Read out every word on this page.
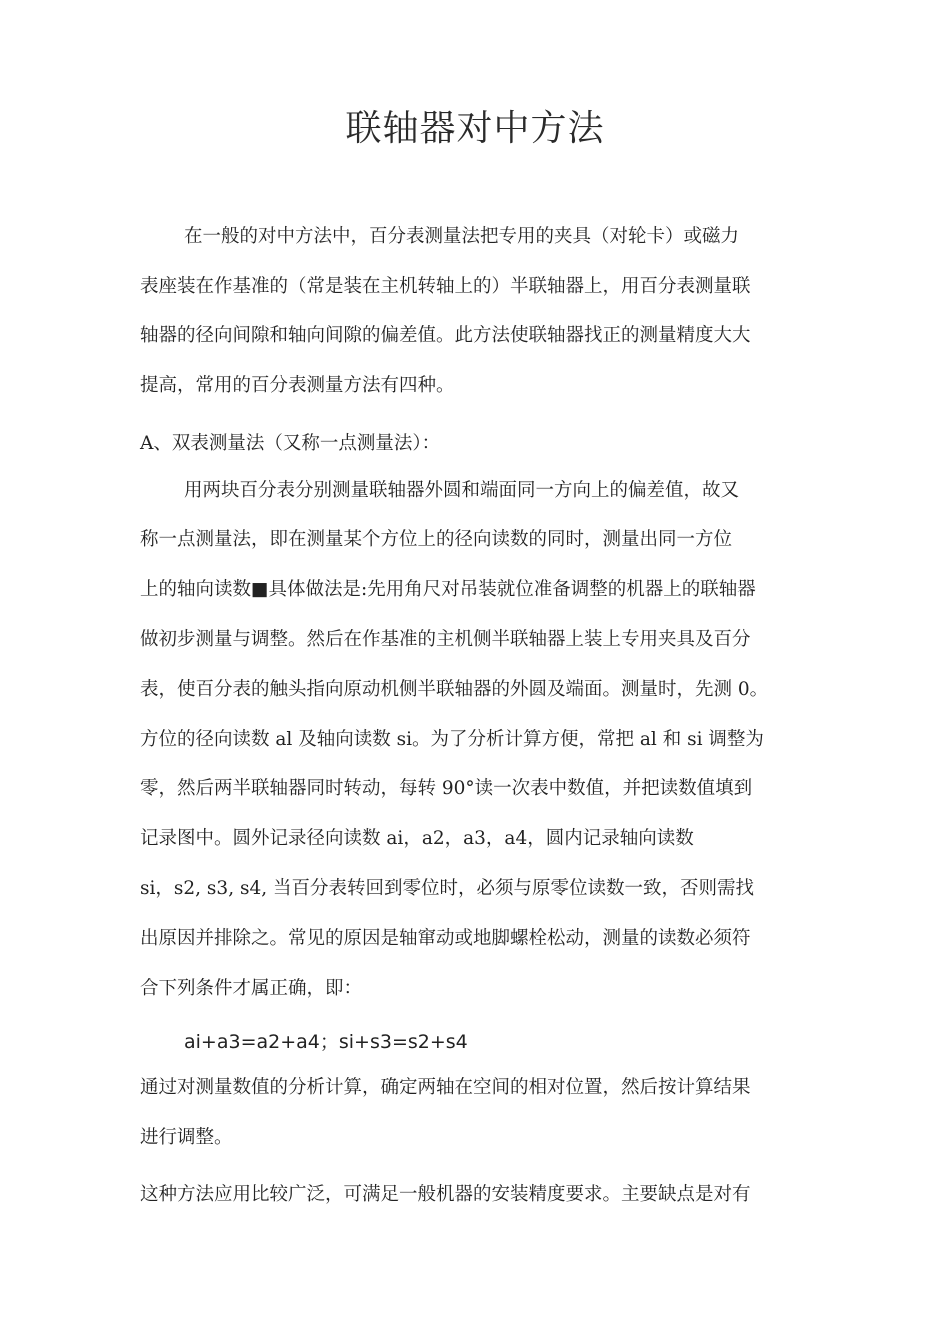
联轴器对中方法
在一般的对中方法中，百分表测量法把专用的夹具（对轮卡）或磁力
表座装在作基准的（常是装在主机转轴上的）半联轴器上，用百分表测量联
轴器的径向间隙和轴向间隙的偏差值。此方法使联轴器找正的测量精度大大
提高，常用的百分表测量方法有四种。
A、双表测量法（又称一点测量法）：
用两块百分表分别测量联轴器外圆和端面同一方向上的偏差值，故又
称一点测量法，即在测量某个方位上的径向读数的同时，测量出同一方位
上的轴向读数■具体做法是:先用角尺对吊装就位准备调整的机器上的联轴器
做初步测量与调整。然后在作基准的主机侧半联轴器上装上专用夹具及百分
表，使百分表的触头指向原动机侧半联轴器的外圆及端面。测量时，先测 0。
方位的径向读数 al 及轴向读数 si。为了分析计算方便，常把 al 和 si 调整为
零，然后两半联轴器同时转动，每转 90°读一次表中数值，并把读数值填到
记录图中。圆外记录径向读数 ai，a2，a3，a4，圆内记录轴向读数
si，s2, s3, s4, 当百分表转回到零位时，必须与原零位读数一致，否则需找
出原因并排除之。常见的原因是轴窜动或地脚螺栓松动，测量的读数必须符
合下列条件才属正确，即：
ai+a3=a2+a4；si+s3=s2+s4
通过对测量数值的分析计算，确定两轴在空间的相对位置，然后按计算结果
进行调整。
这种方法应用比较广泛，可满足一般机器的安装精度要求。主要缺点是对有
